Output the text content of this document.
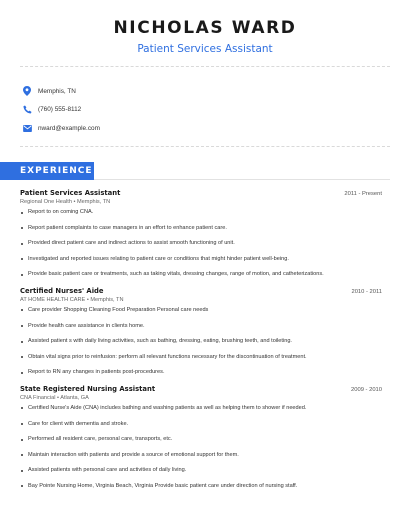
NICHOLAS WARD
Patient Services Assistant
Memphis, TN
(760) 555-8112
nward@example.com
EXPERIENCE
Patient Services Assistant	2011 - Present
Regional One Health • Memphis, TN
Report to on coming CNA.
Report patient complaints to case managers in an effort to enhance patient care.
Provided direct patient care and indirect actions to assist smooth functioning of unit.
Investigated and reported issues relating to patient care or conditions that might hinder patient well-being.
Provide basic patient care or treatments, such as taking vitals, dressing changes, range of motion, and catheterizations.
Certified Nurses' Aide	2010 - 2011
AT HOME HEALTH CARE • Memphis, TN
Care provider Shopping Cleaning Food Preparation Personal care needs
Provide health care assistance in clients home.
Assisted patient s with daily living activities, such as bathing, dressing, eating, brushing teeth, and toileting.
Obtain vital signs prior to reinfusion: perform all relevant functions necessary for the discontinuation of treatment.
Report to RN any changes in patients post-procedures.
State Registered Nursing Assistant	2009 - 2010
CNA Financial • Atlanta, GA
Certified Nurse's Aide (CNA) includes bathing and washing patients as well as helping them to shower if needed.
Care for client with dementia and stroke.
Performed all resident care, personal care, transports, etc.
Maintain interaction with patients and provide a source of emotional support for them.
Assisted patients with personal care and activities of daily living.
Bay Pointe Nursing Home, Virginia Beach, Virginia Provide basic patient care under direction of nursing staff.
